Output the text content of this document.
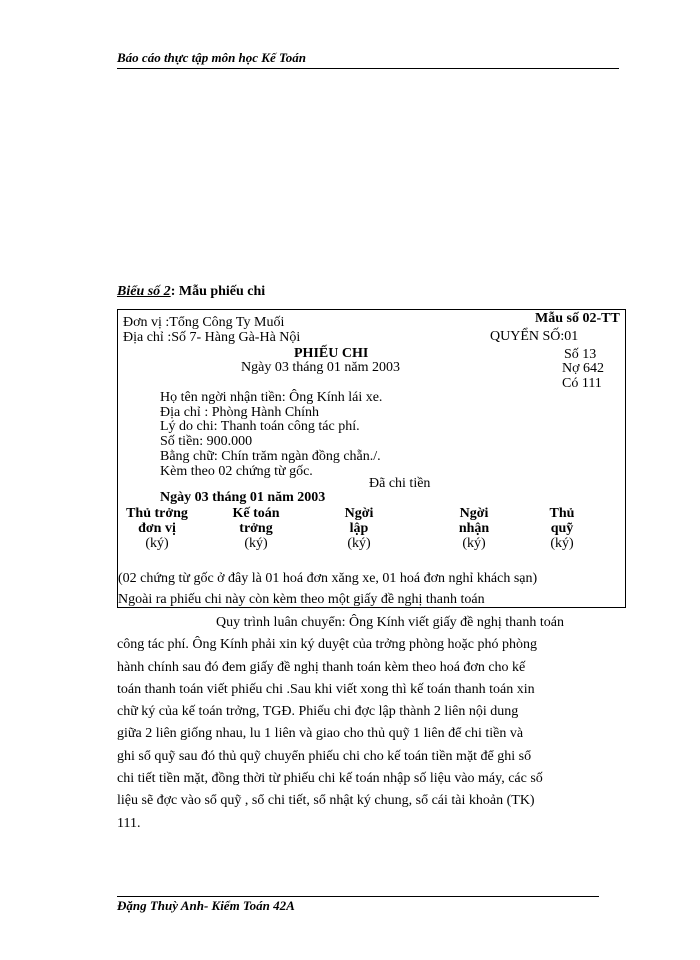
Báo cáo thực tập môn học Kế Toán
Biểu số 2: Mẫu phiếu chi
Đơn vị :Tổng Công Ty Muối
Địa chỉ :Số 7- Hàng Gà-Hà Nội
Mẫu số 02-TT
QUYỂN SỐ:01
PHIẾU CHI
Ngày 03 tháng 01 năm 2003
Số 13
Nợ 642
Có 111
Họ tên ngời nhận tiền: Ông Kính lái xe.
Địa chỉ : Phòng Hành Chính
Lý do chi: Thanh toán công tác phí.
Số tiền: 900.000
Bằng chữ: Chín trăm ngàn đồng chẵn./.
Kèm theo 02 chứng từ gốc.
Đã chi tiền
Ngày 03 tháng 01 năm 2003
Thủ trởng
đơn vị
(ký)
Kế toán
trởng
(ký)
Ngời
lập
(ký)
Ngời
nhận
(ký)
Thủ
quỹ
(ký)
(02 chứng từ gốc ở đây là 01 hoá đơn xăng xe, 01 hoá đơn nghỉ khách sạn)
Ngoài ra phiếu chi này còn kèm theo một giấy đề nghị thanh toán
Quy trình luân chuyển: Ông Kính viết giấy đề nghị thanh toán
công tác phí. Ông Kính phải xin ký duyệt của trởng phòng hoặc phó phòng
hành chính sau đó đem giấy đề nghị thanh toán kèm theo hoá đơn cho kế
toán thanh toán viết phiếu chi .Sau khi viết xong thì kế toán thanh toán xin
chữ ký của kế toán trởng, TGĐ. Phiếu chi đợc lập thành 2 liên nội dung
giữa 2 liên giống nhau, lu 1 liên và giao cho thủ quỹ 1 liên để chi tiền và
ghi sổ quỹ sau đó thủ quỹ chuyển phiếu chi cho kế toán tiền mặt để ghi sổ
chi tiết tiền mặt, đồng thời từ phiếu chi kế toán nhập số liệu vào máy, các số
liệu sẽ đợc vào sổ quỹ , sổ chi tiết, sổ nhật ký chung, sổ cái tài khoản (TK)
111.
Đặng Thuỳ Anh- Kiểm Toán 42A
